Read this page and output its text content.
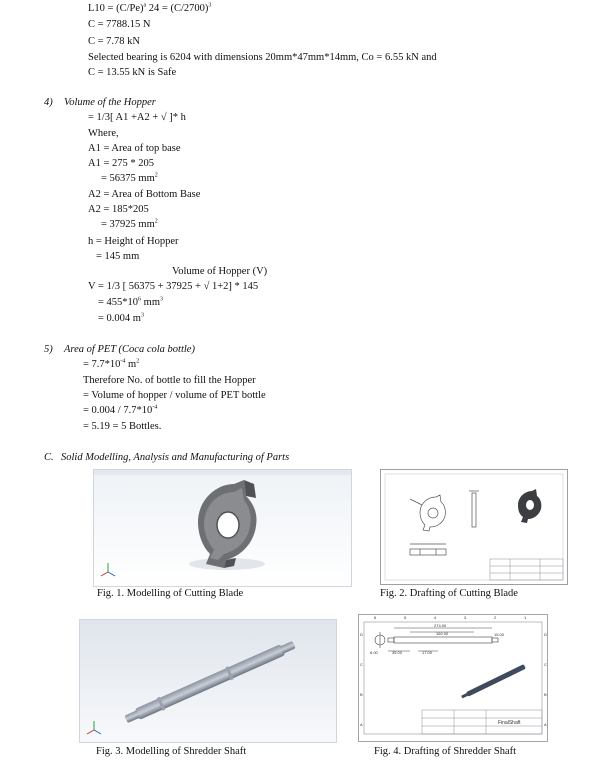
$L10 = (C/Pe)^a$ $24 = (C/2700)^3$
C = 7788.15 N
C = 7.78 kN
Selected bearing is 6204 with dimensions 20mm*47mm*14mm, Co = 6.55 kN and
C = 13.55 kN is Safe
4) Volume of the Hopper
= 1/3[ A1 +A2 + √ ]* h
Where,
A1 = Area of top base
A1 = 275 * 205
= 56375 $mm^2$
A2 = Area of Bottom Base
A2 = 185*205
= 37925 $mm^2$
h = Height of Hopper
= 145 mm
Volume of Hopper (V)
V = 1/3 [ 56375 + 37925 + √ 1+2] * 145
= $455*10^6$ $mm^3$
= 0.004 $m^3$
5) Area of PET (Coca cola bottle)
= $7.7*10^{-4}$ $m^2$
Therefore No. of bottle to fill the Hopper
= Volume of hopper / volume of PET bottle
= $0.004 / 7.7*10^{-4}$
= 5.19 = 5 Bottles.
C. Solid Modelling, Analysis and Manufacturing of Parts
Fig. 1. Modelling of Cutting Blade	Fig. 2. Drafting of Cutting Blade
Fig. 3. Modelling of Shredder Shaft
6	5	4	3	2	1
D
C
B
A
D
C
B
A
274.00
160.00
6.00	35.00	17.00
15.00
FinalShaft
Fig. 4. Drafting of Shredder Shaft
